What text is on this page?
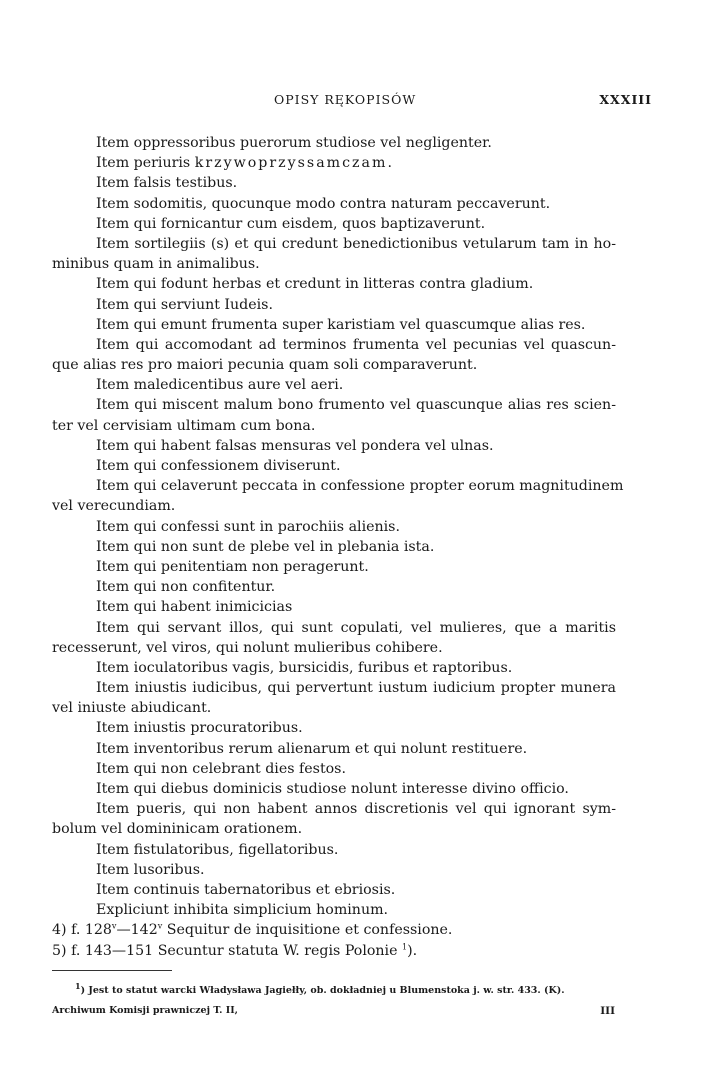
OPISY RĘKOPISÓW	XXXIII
Item oppressoribus puerorum studiose vel negligenter.
Item periuris krzywoprzyssamczam.
Item falsis testibus.
Item sodomitis, quocunque modo contra naturam peccaverunt.
Item qui fornicantur cum eisdem, quos baptizaverunt.
Item sortilegiis (s) et qui credunt benedictionibus vetularum tam in ho-
minibus quam in animalibus.
Item qui fodunt herbas et credunt in litteras contra gladium.
Item qui serviunt Iudeis.
Item qui emunt frumenta super karistiam vel quascumque alias res.
Item qui accomodant ad terminos frumenta vel pecunias vel quascun-
que alias res pro maiori pecunia quam soli comparaverunt.
Item maledicentibus aure vel aeri.
Item qui miscent malum bono frumento vel quascunque alias res scien-
ter vel cervisiam ultimam cum bona.
Item qui habent falsas mensuras vel pondera vel ulnas.
Item qui confessionem diviserunt.
Item qui celaverunt peccata in confessione propter eorum magnitudinem
vel verecundiam.
Item qui confessi sunt in parochiis alienis.
Item qui non sunt de plebe vel in plebania ista.
Item qui penitentiam non peragerunt.
Item qui non confitentur.
Item qui habent inimicicias
Item qui servant illos, qui sunt copulati, vel mulieres, que a maritis
recesserunt, vel viros, qui nolunt mulieribus cohibere.
Item ioculatoribus vagis, bursicidis, furibus et raptoribus.
Item iniustis iudicibus, qui pervertunt iustum iudicium propter munera
vel iniuste abiudicant.
Item iniustis procuratoribus.
Item inventoribus rerum alienarum et qui nolunt restituere.
Item qui non celebrant dies festos.
Item qui diebus dominicis studiose nolunt interesse divino officio.
Item pueris, qui non habent annos discretionis vel qui ignorant sym-
bolum vel domininicam orationem.
Item fistulatoribus, figellatoribus.
Item lusoribus.
Item continuis tabernatoribus et ebriosis.
Expliciunt inhibita simplicium hominum.
4) f. 128$^v$—142$^v$ Sequitur de inquisitione et confessione.
5) f. 143—151 Secuntur statuta W. regis Polonie $^1$).
$^1$) Jest to statut warcki Władysława Jagiełły, ob. dokładniej u Blumenstoka j. w. str. 433. (K).
Archiwum Komisji prawniczej T. II,	III
